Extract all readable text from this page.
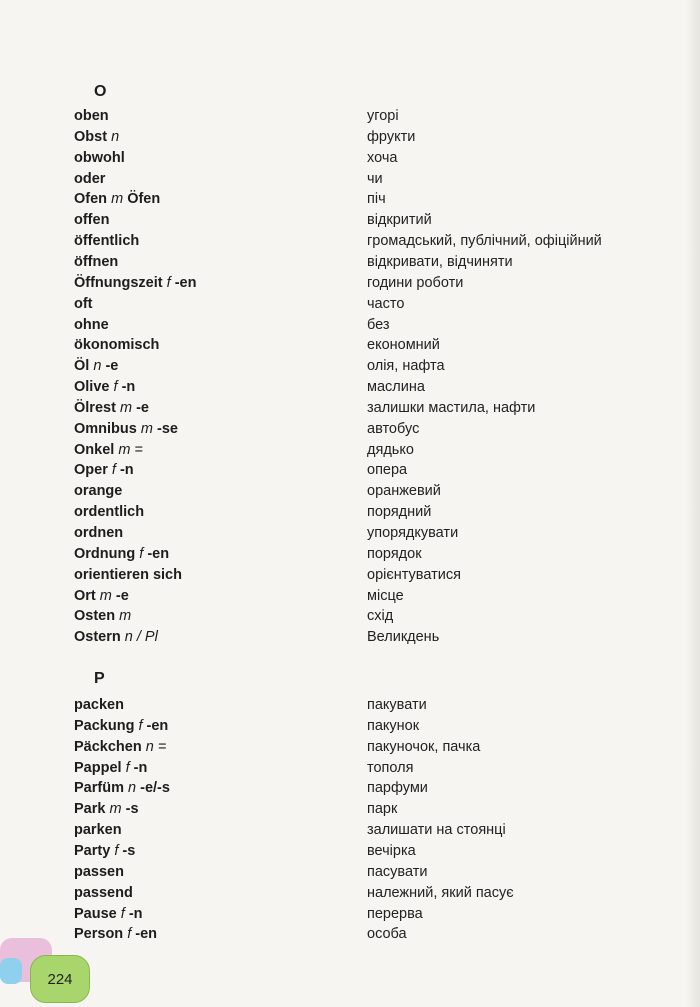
O
oben	угорі
Obst n	фрукти
obwohl	хоча
oder	чи
Ofen m Öfen	піч
offen	відкритий
öffentlich	громадський, публічний, офіційний
öffnen	відкривати, відчиняти
Öffnungszeit f -en	години роботи
oft	часто
ohne	без
ökonomisch	економний
Öl n -e	олія, нафта
Olive f -n	маслина
Ölrest m -e	залишки мастила, нафти
Omnibus m -se	автобус
Onkel m =	дядько
Oper f -n	опера
orange	оранжевий
ordentlich	порядний
ordnen	упорядкувати
Ordnung f -en	порядок
orientieren sich	орієнтуватися
Ort m -e	місце
Osten m	схід
Ostern n / Pl	Великдень
P
packen	пакувати
Packung f -en	пакунок
Päckchen n =	пакуночок, пачка
Pappel f -n	тополя
Parfüm n -e/-s	парфуми
Park m -s	парк
parken	залишати на стоянці
Party f -s	вечірка
passen	пасувати
passend	належний, який пасує
Pause f -n	перерва
Person f -en	особа
224
